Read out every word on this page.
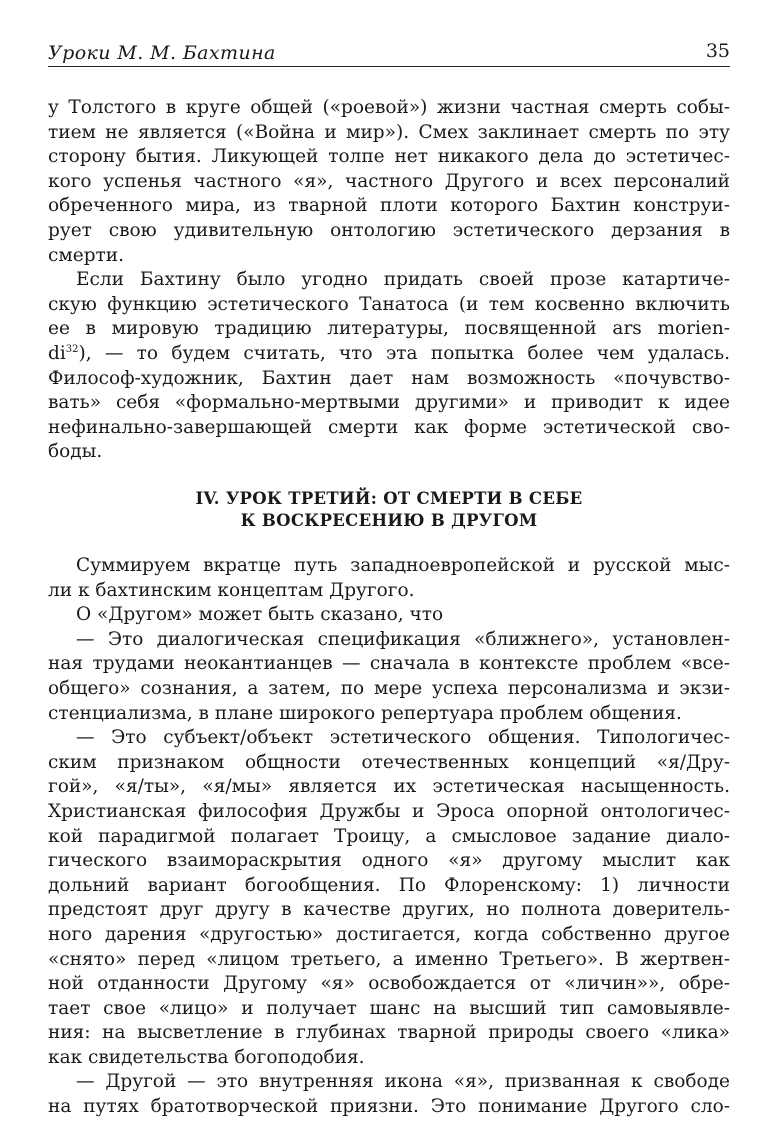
Уроки М. М. Бахтина	35
у Толстого в круге общей («роевой») жизни частная смерть собы-
тием не является («Война и мир»). Смех заклинает смерть по эту
сторону бытия. Ликующей толпе нет никакого дела до эстетичес-
кого успенья частного «я», частного Другого и всех персоналий
обреченного мира, из тварной плоти которого Бахтин конструи-
рует свою удивительную онтологию эстетического дерзания в
смерти.
Если Бахтину было угодно придать своей прозе катартиче-
скую функцию эстетического Танатоса (и тем косвенно включить
ее в мировую традицию литературы, посвященной ars morien-
$di^{32}$), — то будем считать, что эта попытка более чем удалась.
Философ-художник, Бахтин дает нам возможность «почувство-
вать» себя «формально-мертвыми другими» и приводит к идее
нефинально-завершающей смерти как форме эстетической сво-
боды.
IV. УРОК ТРЕТИЙ: ОТ СМЕРТИ В СЕБЕ
К ВОСКРЕСЕНИЮ В ДРУГОМ
Суммируем вкратце путь западноевропейской и русской мыс-
ли к бахтинским концептам Другого.
О «Другом» может быть сказано, что
— Это диалогическая спецификация «ближнего», установлен-
ная трудами неокантианцев — сначала в контексте проблем «все-
общего» сознания, а затем, по мере успеха персонализма и экзи-
стенциализма, в плане широкого репертуара проблем общения.
— Это субъект/объект эстетического общения. Типологичес-
ским признаком общности отечественных концепций «я/Дру-
гой», «я/ты», «я/мы» является их эстетическая насыщенность.
Христианская философия Дружбы и Эроса опорной онтологичес-
кой парадигмой полагает Троицу, а смысловое задание диало-
гического взаимораскрытия одного «я» другому мыслит как
дольний вариант богообщения. По Флоренскому: 1) личности
предстоят друг другу в качестве других, но полнота доверитель-
ного дарения «другостью» достигается, когда собственно другое
«снято» перед «лицом третьего, а именно Третьего». В жертвен-
ной отданности Другому «я» освобождается от «личин»», обре-
тает свое «лицо» и получает шанс на высший тип самовыявле-
ния: на высветление в глубинах тварной природы своего «лика»
как свидетельства богоподобия.
— Другой — это внутренняя икона «я», призванная к свободе
на путях братотворческой приязни. Это понимание Другого сло-
